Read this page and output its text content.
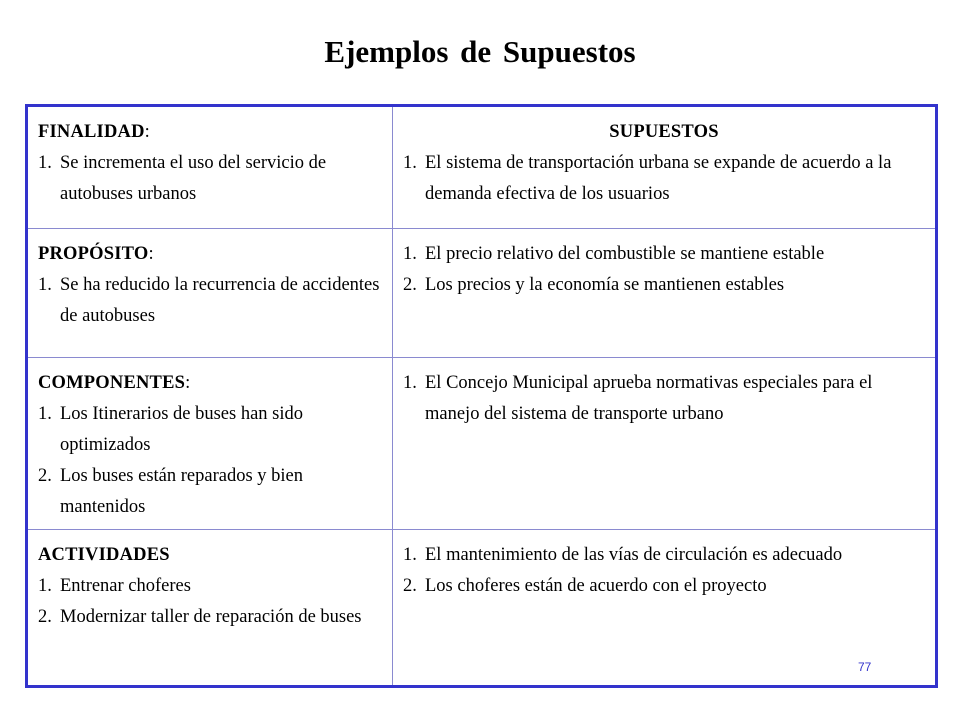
Ejemplos de Supuestos
FINALIDAD:
1. Se incrementa el uso del servicio de autobuses urbanos
SUPUESTOS
1. El sistema de transportación urbana se expande de acuerdo a la demanda efectiva de los usuarios
PROPÓSITO:
1. Se ha reducido la recurrencia de accidentes de autobuses
1. El precio relativo del combustible se mantiene estable
2. Los precios y la economía se mantienen estables
COMPONENTES:
1. Los Itinerarios de buses han sido optimizados
2. Los buses están reparados y bien mantenidos
1. El Concejo Municipal aprueba normativas especiales para el manejo del sistema de transporte urbano
ACTIVIDADES
1. Entrenar choferes
2. Modernizar taller de reparación de buses
1. El mantenimiento de las vías de circulación es adecuado
2. Los choferes están de acuerdo con el proyecto
77
